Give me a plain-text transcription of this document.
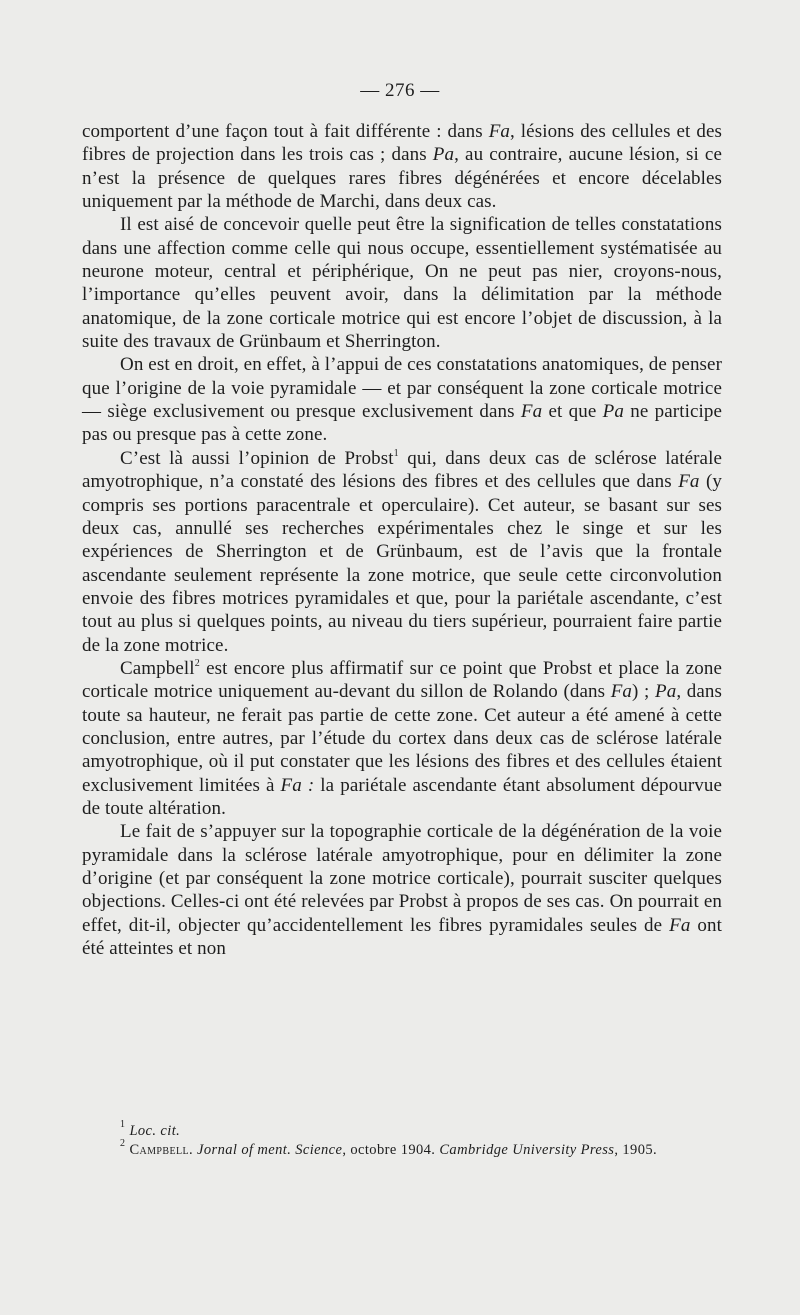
— 276 —

comportent d’une façon tout à fait différente : dans Fa, lésions des cellules et des fibres de projection dans les trois cas ; dans Pa, au contraire, aucune lésion, si ce n’est la présence de quelques rares fibres dégénérées et encore décelables uniquement par la méthode de Marchi, dans deux cas.

Il est aisé de concevoir quelle peut être la signification de telles constatations dans une affection comme celle qui nous occupe, essentiellement systématisée au neurone moteur, central et périphérique, On ne peut pas nier, croyons-nous, l’importance qu’elles peuvent avoir, dans la délimitation par la méthode anatomique, de la zone corticale motrice qui est encore l’objet de discussion, à la suite des travaux de Grünbaum et Sherrington.

On est en droit, en effet, à l’appui de ces constatations anatomiques, de penser que l’origine de la voie pyramidale — et par conséquent la zone corticale motrice — siège exclusivement ou presque exclusivement dans Fa et que Pa ne participe pas ou presque pas à cette zone.

C’est là aussi l’opinion de Probst$^1$ qui, dans deux cas de sclérose latérale amyotrophique, n’a constaté des lésions des fibres et des cellules que dans Fa (y compris ses portions paracentrale et operculaire). Cet auteur, se basant sur ses deux cas, annullé ses recherches expérimentales chez le singe et sur les expériences de Sherrington et de Grünbaum, est de l’avis que la frontale ascendante seulement représente la zone motrice, que seule cette circonvolution envoie des fibres motrices pyramidales et que, pour la pariétale ascendante, c’est tout au plus si quelques points, au niveau du tiers supérieur, pourraient faire partie de la zone motrice.

Campbell$^2$ est encore plus affirmatif sur ce point que Probst et place la zone corticale motrice uniquement au-devant du sillon de Rolando (dans Fa) ; Pa, dans toute sa hauteur, ne ferait pas partie de cette zone. Cet auteur a été amené à cette conclusion, entre autres, par l’étude du cortex dans deux cas de sclérose latérale amyotrophique, où il put constater que les lésions des fibres et des cellules étaient exclusivement limitées à Fa : la pariétale ascendante étant absolument dépourvue de toute altération.

Le fait de s’appuyer sur la topographie corticale de la dégénération de la voie pyramidale dans la sclérose latérale amyotrophique, pour en délimiter la zone d’origine (et par conséquent la zone motrice corticale), pourrait susciter quelques objections. Celles-ci ont été relevées par Probst à propos de ses cas. On pourrait en effet, dit-il, objecter qu’accidentellement les fibres pyramidales seules de Fa ont été atteintes et non

$^1$ Loc. cit.

$^2$ Campbell. Jornal of ment. Science, octobre 1904. Cambridge University Press, 1905.
